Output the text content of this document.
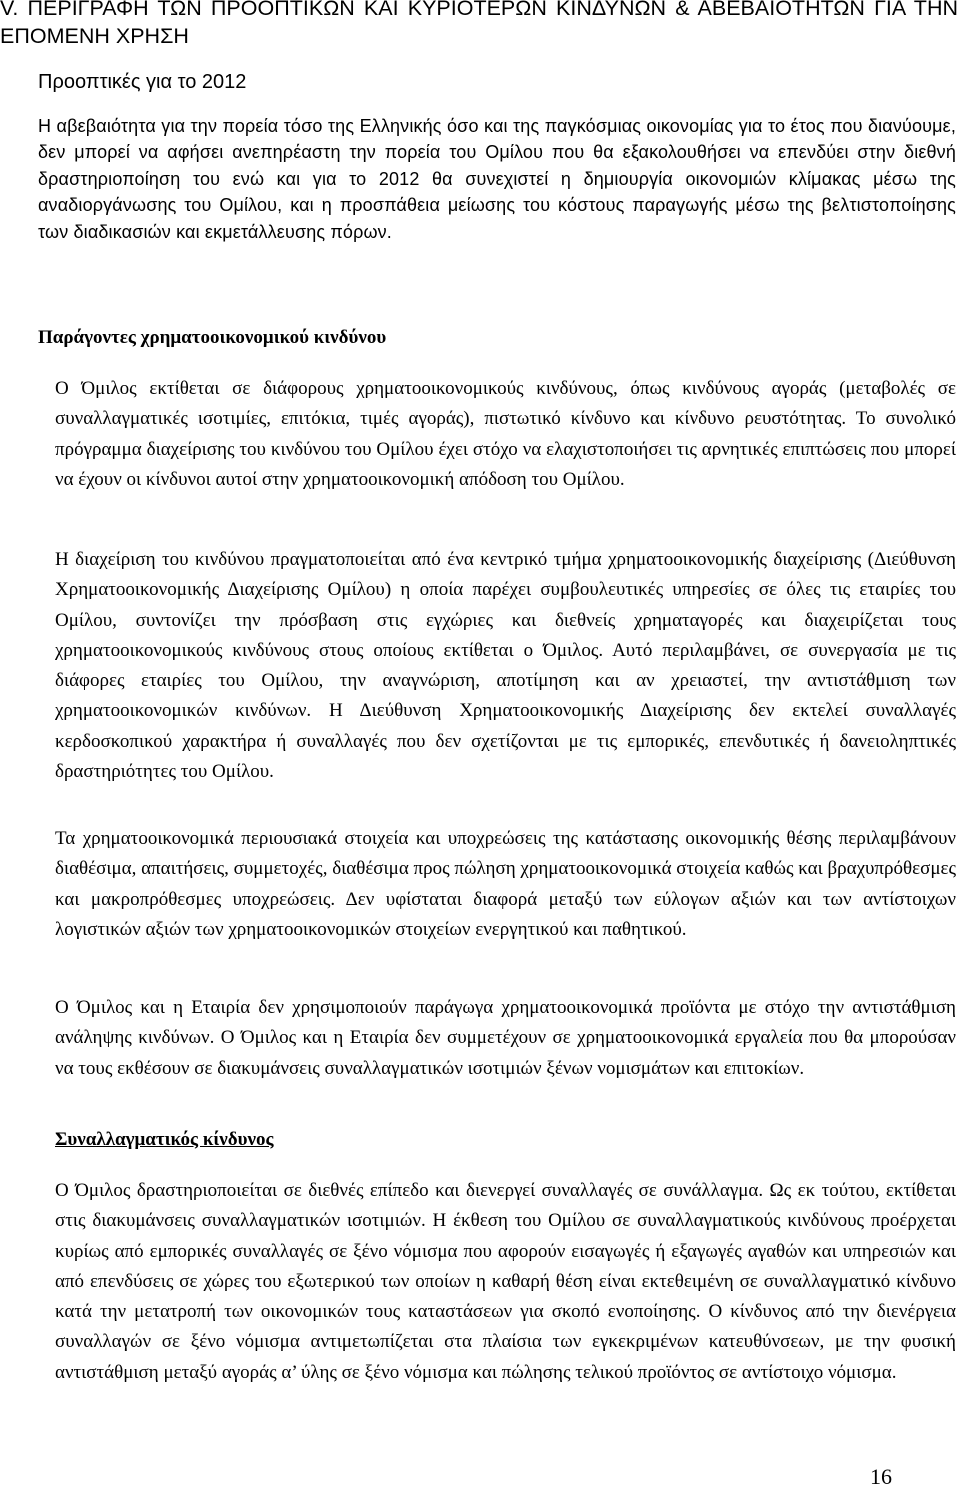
V. ΠΕΡΙΓΡΑΦΗ ΤΩΝ ΠΡΟΟΠΤΙΚΩΝ ΚΑΙ ΚΥΡΙΟΤΕΡΩΝ ΚΙΝΔΥΝΩΝ & ΑΒΕΒΑΙΟΤΗΤΩΝ ΓΙΑ ΤΗΝ ΕΠΟΜΕΝΗ ΧΡΗΣΗ
Προοπτικές για το 2012

Η αβεβαιότητα για την πορεία τόσο της Ελληνικής όσο και της παγκόσμιας οικονομίας για το έτος που διανύουμε, δεν μπορεί να αφήσει ανεπηρέαστη την πορεία του Ομίλου που θα εξακολουθήσει να επενδύει στην διεθνή δραστηριοποίηση του ενώ και για το 2012 θα συνεχιστεί η δημιουργία οικονομιών κλίμακας μέσω της αναδιοργάνωσης του Ομίλου, και η προσπάθεια μείωσης του κόστους παραγωγής μέσω της βελτιστοποίησης των διαδικασιών και εκμετάλλευσης πόρων.

Παράγοντες χρηματοοικονομικού κινδύνου

Ο Όμιλος εκτίθεται σε διάφορους χρηματοοικονομικούς κινδύνους, όπως κινδύνους αγοράς (μεταβολές σε συναλλαγματικές ισοτιμίες, επιτόκια, τιμές αγοράς), πιστωτικό κίνδυνο και κίνδυνο ρευστότητας. Το συνολικό πρόγραμμα διαχείρισης του κινδύνου του Ομίλου έχει στόχο να ελαχιστοποιήσει τις αρνητικές επιπτώσεις που μπορεί να έχουν οι κίνδυνοι αυτοί στην χρηματοοικονομική απόδοση του Ομίλου.

Η διαχείριση του κινδύνου πραγματοποιείται από ένα κεντρικό τμήμα χρηματοοικονομικής διαχείρισης (Διεύθυνση Χρηματοοικονομικής Διαχείρισης Ομίλου) η οποία παρέχει συμβουλευτικές υπηρεσίες σε όλες τις εταιρίες του Ομίλου, συντονίζει την πρόσβαση στις εγχώριες και διεθνείς χρηματαγορές και διαχειρίζεται τους χρηματοοικονομικούς κινδύνους στους οποίους εκτίθεται ο Όμιλος. Αυτό περιλαμβάνει, σε συνεργασία με τις διάφορες εταιρίες του Ομίλου, την αναγνώριση, αποτίμηση και αν χρειαστεί, την αντιστάθμιση των χρηματοοικονομικών κινδύνων. Η Διεύθυνση Χρηματοοικονομικής Διαχείρισης δεν εκτελεί συναλλαγές κερδοσκοπικού χαρακτήρα ή συναλλαγές που δεν σχετίζονται με τις εμπορικές, επενδυτικές ή δανειοληπτικές δραστηριότητες του Ομίλου.

Τα χρηματοοικονομικά περιουσιακά στοιχεία και υποχρεώσεις της κατάστασης οικονομικής θέσης περιλαμβάνουν διαθέσιμα, απαιτήσεις, συμμετοχές, διαθέσιμα προς πώληση χρηματοοικονομικά στοιχεία καθώς και βραχυπρόθεσμες και μακροπρόθεσμες υποχρεώσεις. Δεν υφίσταται διαφορά μεταξύ των εύλογων αξιών και των αντίστοιχων λογιστικών αξιών των χρηματοοικονομικών στοιχείων ενεργητικού και παθητικού.

Ο Όμιλος και η Εταιρία δεν χρησιμοποιούν παράγωγα χρηματοοικονομικά προϊόντα με στόχο την αντιστάθμιση ανάληψης κινδύνων. Ο Όμιλος και η Εταιρία δεν συμμετέχουν σε χρηματοοικονομικά εργαλεία που θα μπορούσαν να τους εκθέσουν σε διακυμάνσεις συναλλαγματικών ισοτιμιών ξένων νομισμάτων και επιτοκίων.

Συναλλαγματικός κίνδυνος

Ο Όμιλος δραστηριοποιείται σε διεθνές επίπεδο και διενεργεί συναλλαγές σε συνάλλαγμα. Ως εκ τούτου, εκτίθεται στις διακυμάνσεις συναλλαγματικών ισοτιμιών. Η έκθεση του Ομίλου σε συναλλαγματικούς κινδύνους προέρχεται κυρίως από εμπορικές συναλλαγές σε ξένο νόμισμα που αφορούν εισαγωγές ή εξαγωγές αγαθών και υπηρεσιών και από επενδύσεις σε χώρες του εξωτερικού των οποίων η καθαρή θέση είναι εκτεθειμένη σε συναλλαγματικό κίνδυνο κατά την μετατροπή των οικονομικών τους καταστάσεων για σκοπό ενοποίησης. Ο κίνδυνος από την διενέργεια συναλλαγών σε ξένο νόμισμα αντιμετωπίζεται στα πλαίσια των εγκεκριμένων κατευθύνσεων, με την φυσική αντιστάθμιση μεταξύ αγοράς α’ ύλης σε ξένο νόμισμα και πώλησης τελικού προϊόντος σε αντίστοιχο νόμισμα.

16
